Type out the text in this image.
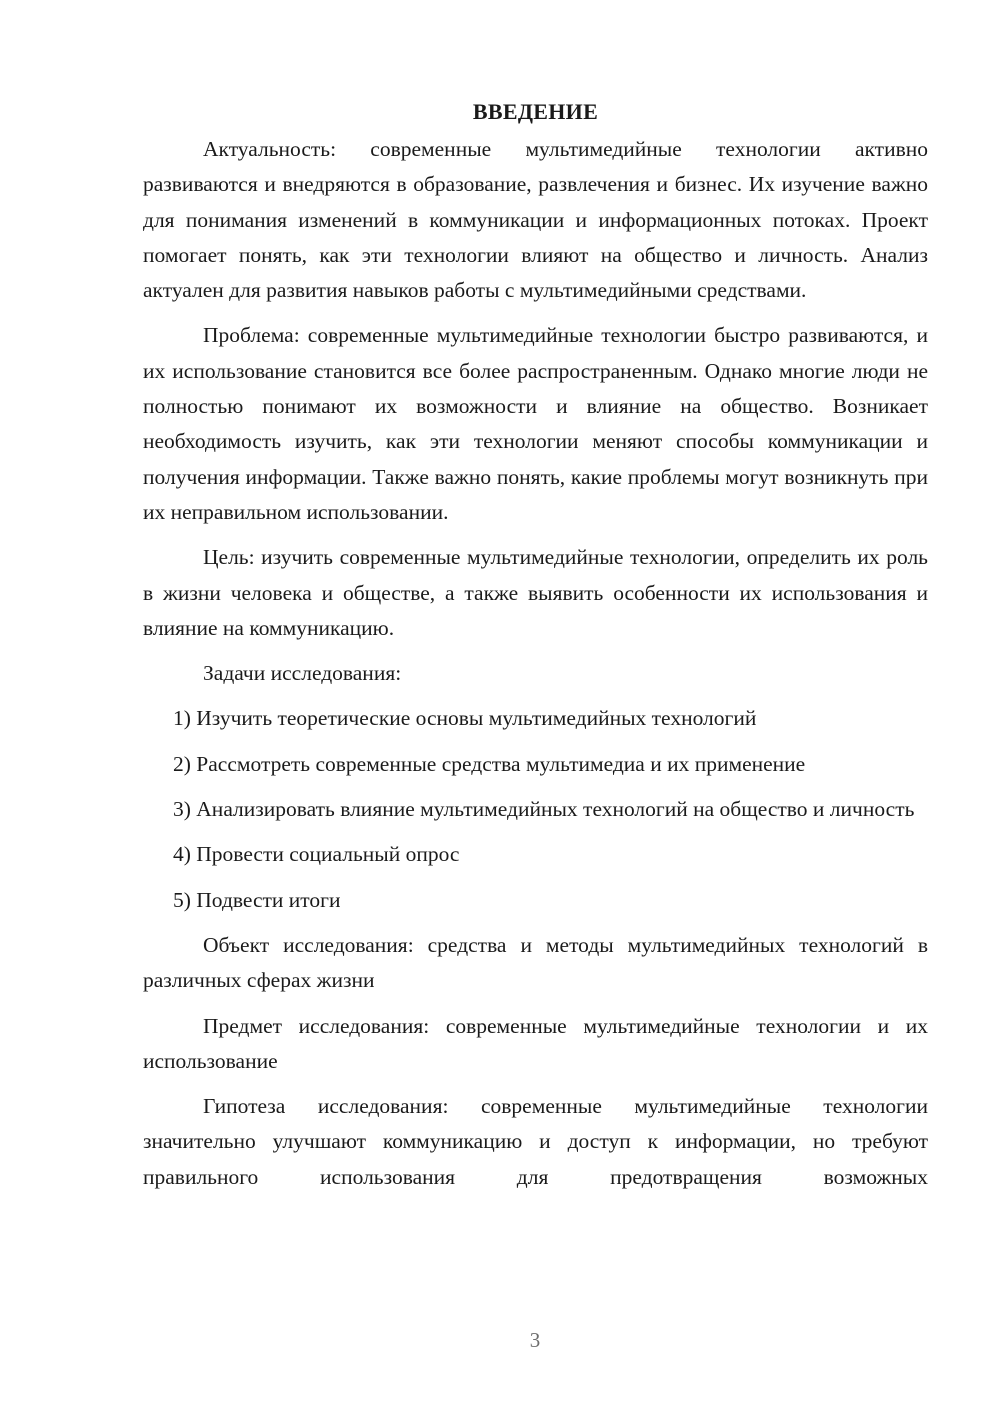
ВВЕДЕНИЕ

Актуальность: современные мультимедийные технологии активно развиваются и внедряются в образование, развлечения и бизнес. Их изучение важно для понимания изменений в коммуникации и информационных потоках. Проект помогает понять, как эти технологии влияют на общество и личность. Анализ актуален для развития навыков работы с мультимедийными средствами.

Проблема: современные мультимедийные технологии быстро развиваются, и их использование становится все более распространенным. Однако многие люди не полностью понимают их возможности и влияние на общество. Возникает необходимость изучить, как эти технологии меняют способы коммуникации и получения информации. Также важно понять, какие проблемы могут возникнуть при их неправильном использовании.

Цель: изучить современные мультимедийные технологии, определить их роль в жизни человека и обществе, а также выявить особенности их использования и влияние на коммуникацию.

Задачи исследования:

1) Изучить теоретические основы мультимедийных технологий

2) Рассмотреть современные средства мультимедиа и их применение

3) Анализировать влияние мультимедийных технологий на общество и личность

4) Провести социальный опрос

5) Подвести итоги

Объект исследования: средства и методы мультимедийных технологий в различных сферах жизни

Предмет исследования: современные мультимедийные технологии и их использование

Гипотеза исследования: современные мультимедийные технологии значительно улучшают коммуникацию и доступ к информации, но требуют правильного использования для предотвращения возможных

3
